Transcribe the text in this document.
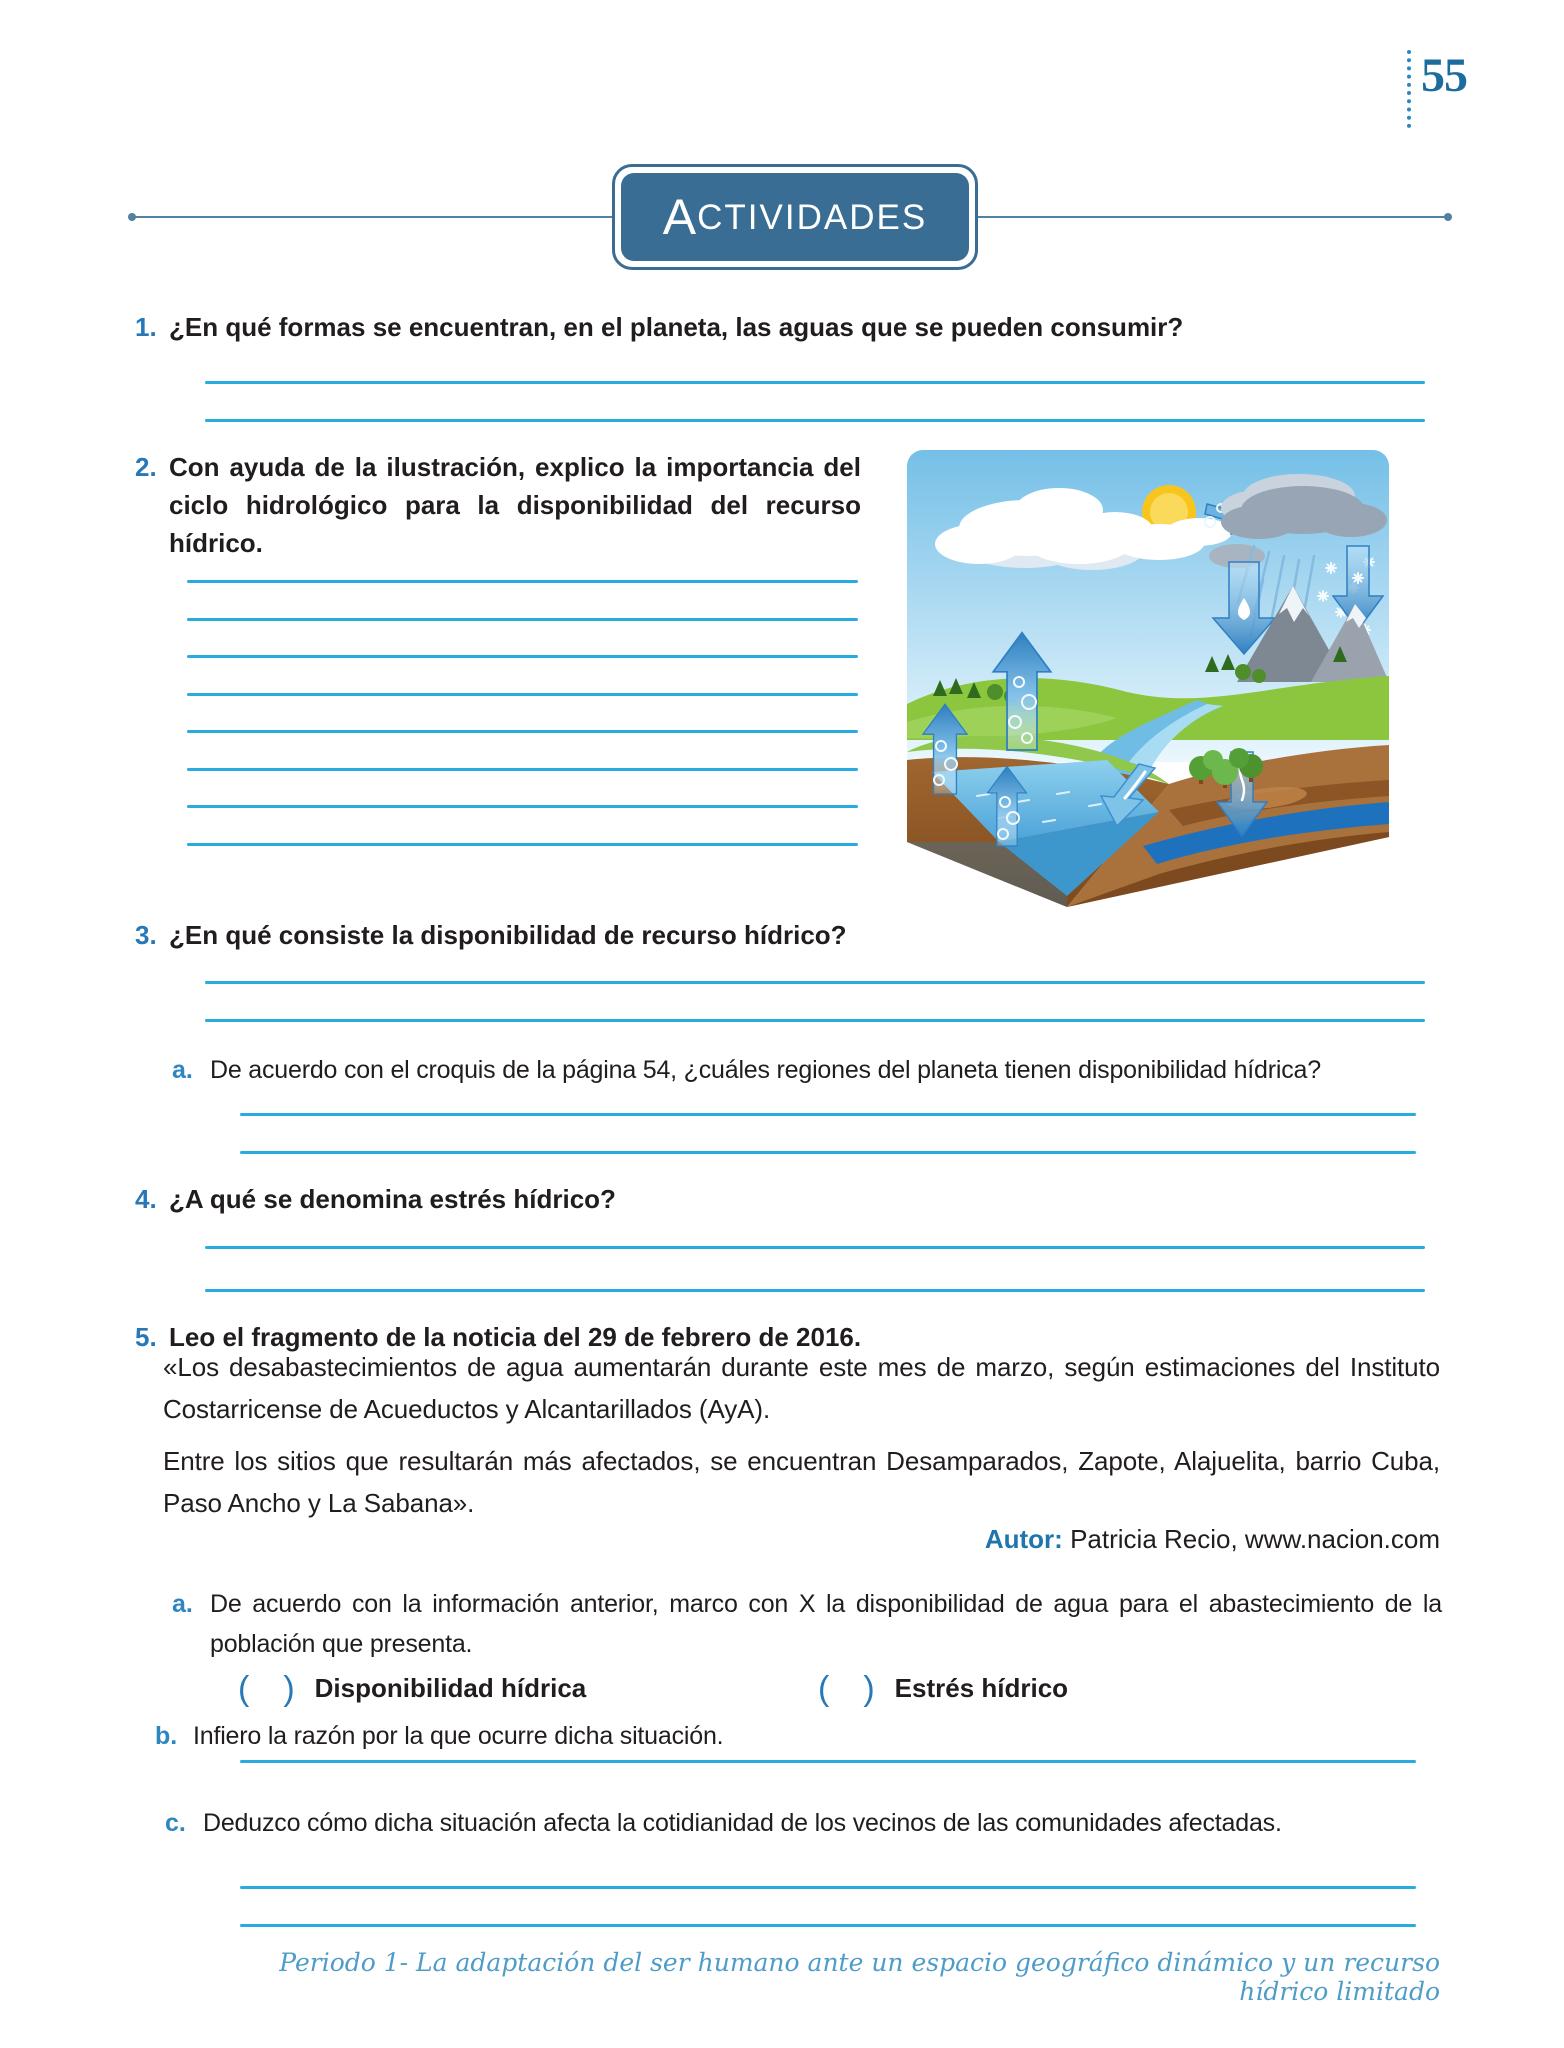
55
A CTIVIDADES
1. ¿En qué formas se encuentran, en el planeta, las aguas que se pueden consumir?
2. Con ayuda de la ilustración, explico la importancia del ciclo hidrológico para la disponibilidad del recurso hídrico.
3. ¿En qué consiste la disponibilidad de recurso hídrico?
a. De acuerdo con el croquis de la página 54, ¿cuáles regiones del planeta tienen disponibilidad hídrica?
4. ¿A qué se denomina estrés hídrico?
5. Leo el fragmento de la noticia del 29 de febrero de 2016.
«Los desabastecimientos de agua aumentarán durante este mes de marzo, según estimaciones del Instituto Costarricense de Acueductos y Alcantarillados (AyA).
Entre los sitios que resultarán más afectados, se encuentran Desamparados, Zapote, Alajuelita, barrio Cuba, Paso Ancho y La Sabana».
Autor: Patricia Recio, www.nacion.com
a. De acuerdo con la información anterior, marco con X la disponibilidad de agua para el abastecimiento de la población que presenta.
( ) Disponibilidad hídrica	( ) Estrés hídrico
b. Infiero la razón por la que ocurre dicha situación.
c. Deduzco cómo dicha situación afecta la cotidianidad de los vecinos de las comunidades afectadas.
Periodo 1- La adaptación del ser humano ante un espacio geográfico dinámico y un recurso hídrico limitado
